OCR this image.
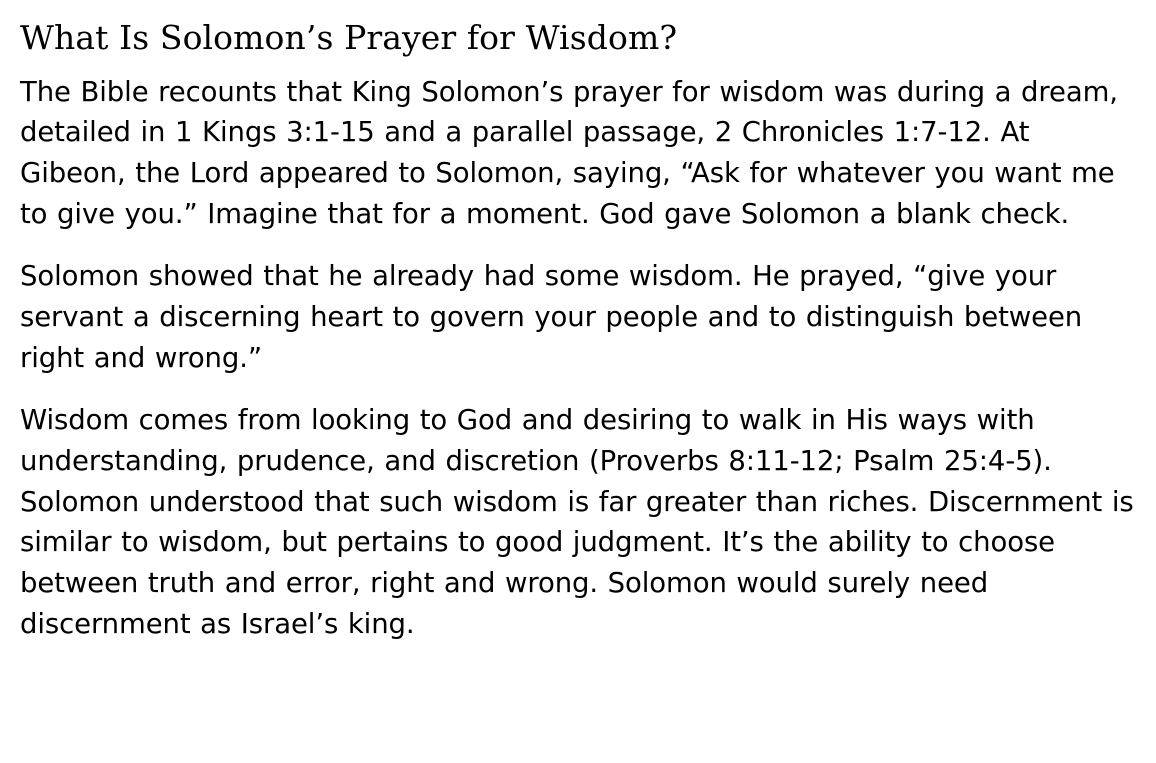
What Is Solomon’s Prayer for Wisdom?

The Bible recounts that King Solomon’s prayer for wisdom was during a dream, detailed in 1 Kings 3:1-15 and a parallel passage, 2 Chronicles 1:7-12. At Gibeon, the Lord appeared to Solomon, saying, “Ask for whatever you want me to give you.” Imagine that for a moment. God gave Solomon a blank check.

Solomon showed that he already had some wisdom. He prayed, “give your servant a discerning heart to govern your people and to distinguish between right and wrong.”

Wisdom comes from looking to God and desiring to walk in His ways with understanding, prudence, and discretion (Proverbs 8:11-12; Psalm 25:4-5). Solomon understood that such wisdom is far greater than riches. Discernment is similar to wisdom, but pertains to good judgment. It’s the ability to choose between truth and error, right and wrong. Solomon would surely need discernment as Israel’s king.
